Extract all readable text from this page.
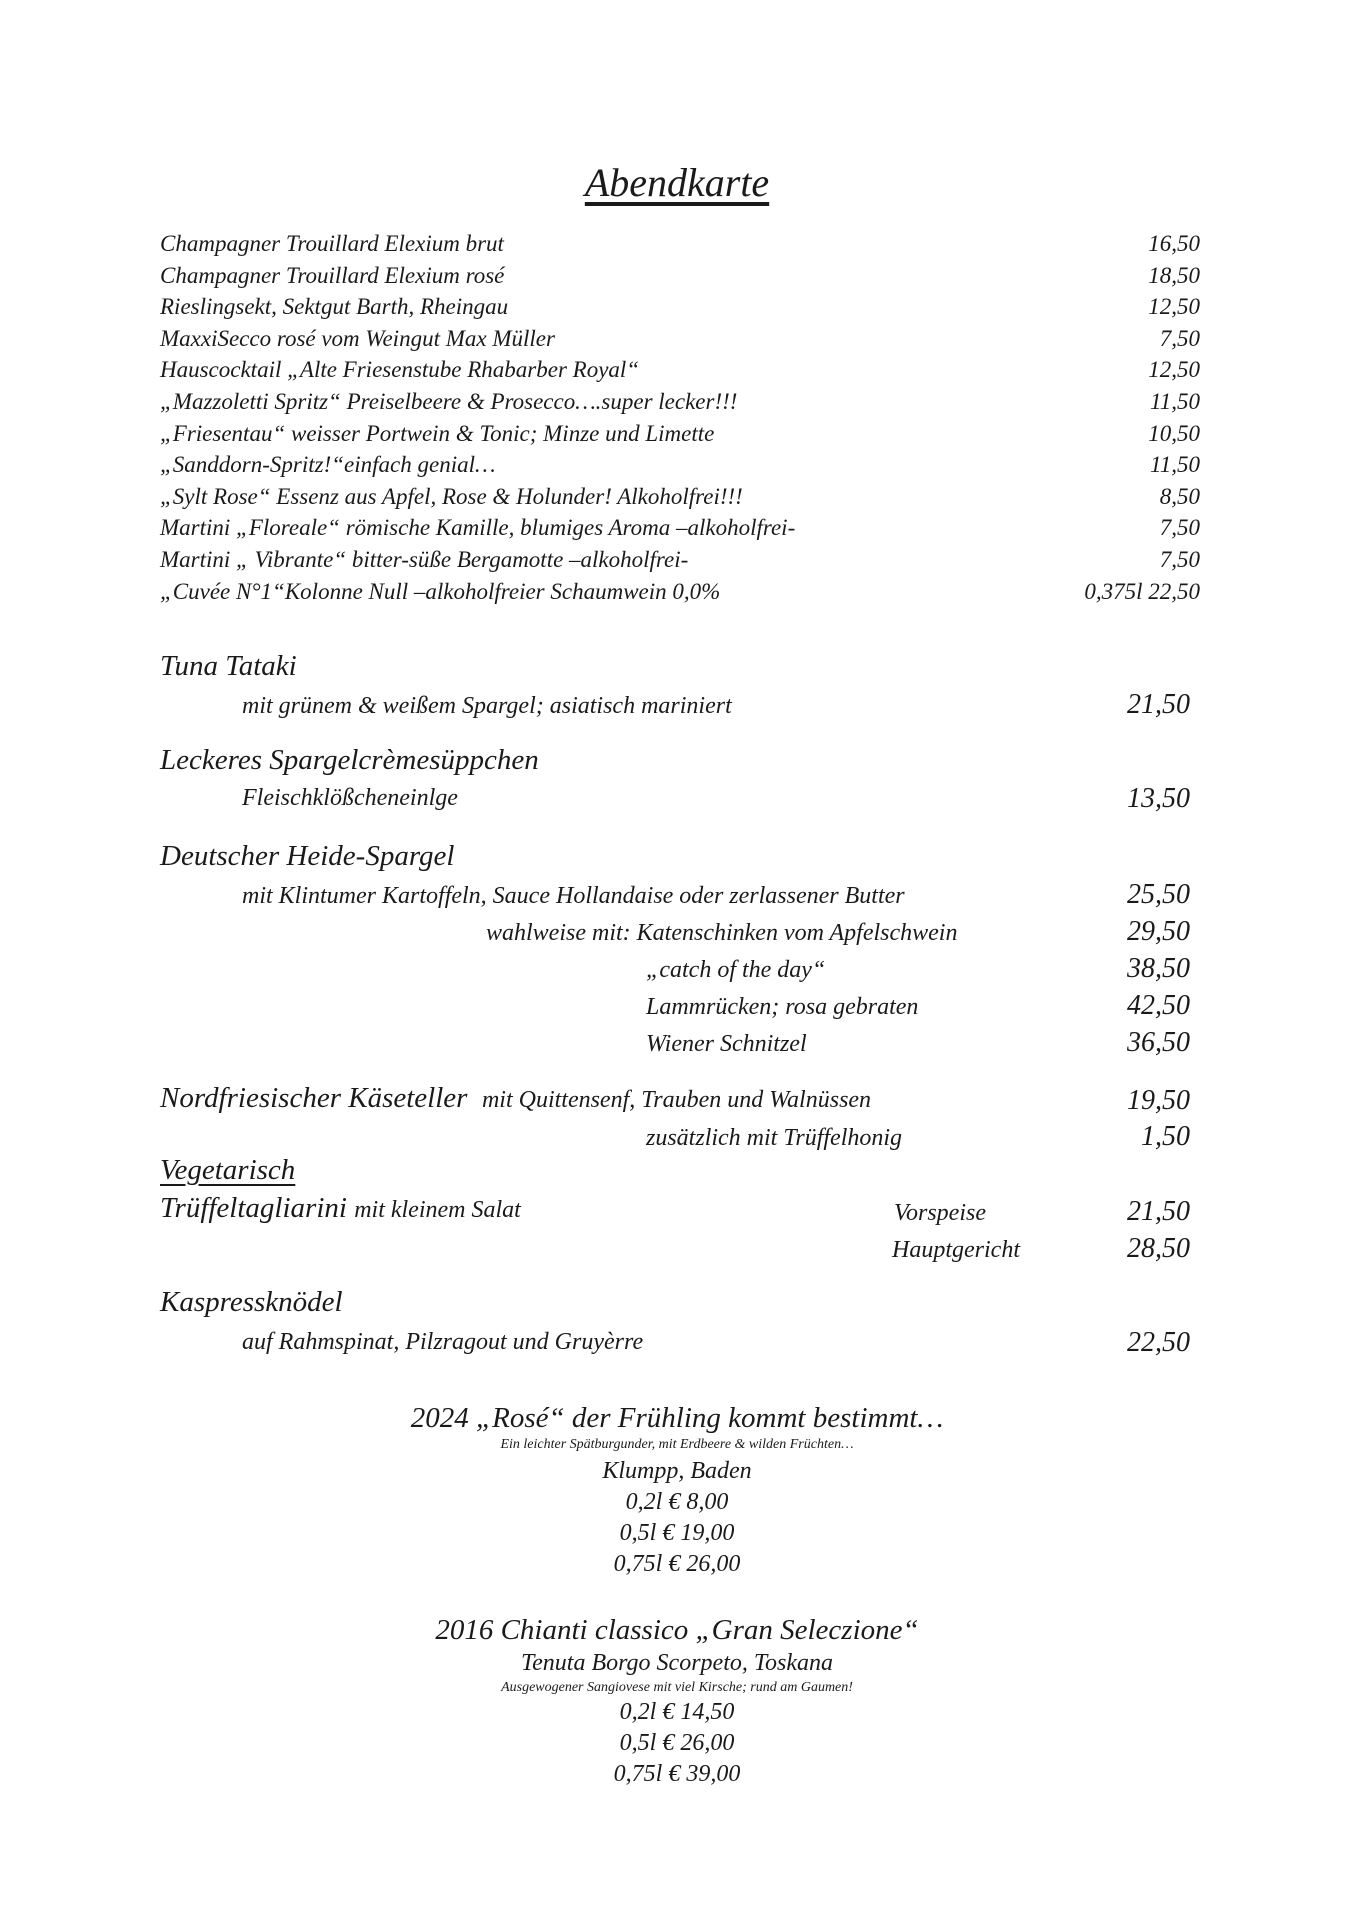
Abendkarte
Champagner Trouillard Elexium brut	16,50
Champagner Trouillard Elexium rosé	18,50
Rieslingsekt, Sektgut Barth, Rheingau	12,50
MaxxiSecco rosé vom Weingut Max Müller	7,50
Hauscocktail „Alte Friesenstube Rhabarber Royal“	12,50
„Mazzoletti Spritz“ Preiselbeere & Prosecco….super lecker!!!	11,50
„Friesentau“ weisser Portwein & Tonic; Minze und Limette	10,50
„Sanddorn-Spritz!“einfach genial…	11,50
„Sylt Rose“ Essenz aus Apfel, Rose & Holunder! Alkoholfrei!!!	8,50
Martini „Floreale“ römische Kamille, blumiges Aroma –alkoholfrei-	7,50
Martini „ Vibrante“ bitter-süße Bergamotte –alkoholfrei-	7,50
„Cuvée N°1“Kolonne Null –alkoholfreier Schaumwein 0,0%	0,375l 22,50
Tuna Tataki
mit grünem & weißem Spargel; asiatisch mariniert	21,50
Leckeres Spargelcrèmesüppchen
Fleischklößcheneinlge	13,50
Deutscher Heide-Spargel
mit Klintumer Kartoffeln, Sauce Hollandaise oder zerlassener Butter	25,50
wahlweise mit: Katenschinken vom Apfelschwein	29,50
„catch of the day“	38,50
Lammrücken; rosa gebraten	42,50
Wiener Schnitzel	36,50
Nordfriesischer Käseteller mit Quittensenf, Trauben und Walnüssen	19,50
zusätzlich mit Trüffelhonig	1,50
Vegetarisch
Trüffeltagliarini mit kleinem Salat	Vorspeise	21,50
Hauptgericht	28,50
Kaspressknödel
auf Rahmspinat, Pilzragout und Gruyèrre	22,50
2024 „Rosé“ der Frühling kommt bestimmt…
Ein leichter Spätburgunder, mit Erdbeere & wilden Früchten…
Klumpp, Baden
0,2l € 8,00
0,5l € 19,00
0,75l € 26,00
2016 Chianti classico „Gran Seleczione“
Tenuta Borgo Scorpeto, Toskana
Ausgewogener Sangiovese mit viel Kirsche; rund am Gaumen!
0,2l € 14,50
0,5l € 26,00
0,75l € 39,00
